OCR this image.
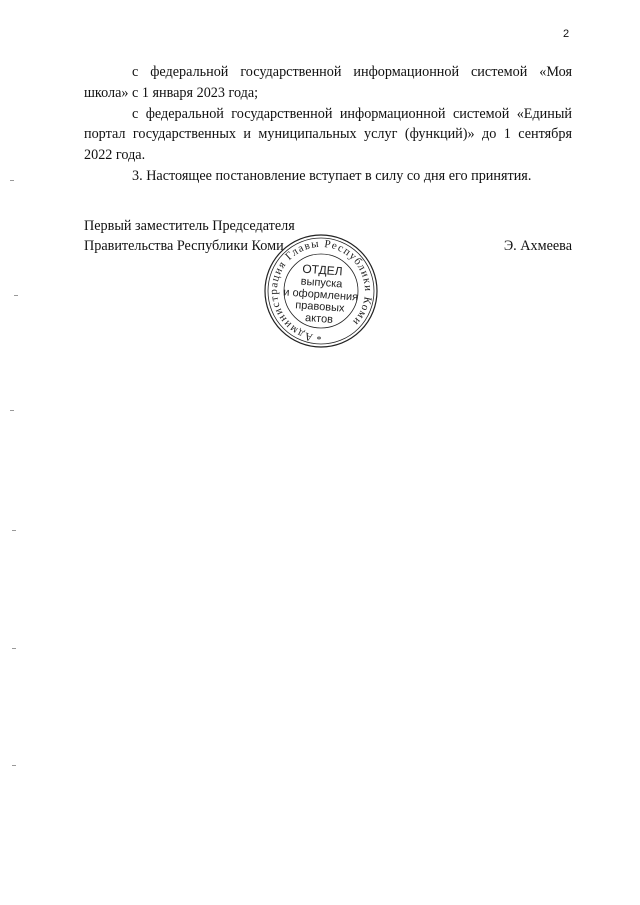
2

с федеральной государственной информационной системой «Моя школа» с 1 января 2023 года;

с федеральной государственной информационной системой «Единый портал государственных и муниципальных услуг (функций)» до 1 сентября 2022 года.

3. Настоящее постановление вступает в силу со дня его принятия.

Первый заместитель Председателя
Правительства Республики Коми	Э. Ахмеева
Администрация Главы Республики Коми
ОТДЕЛ
выпуска
и оформления
правовых
актов
*
